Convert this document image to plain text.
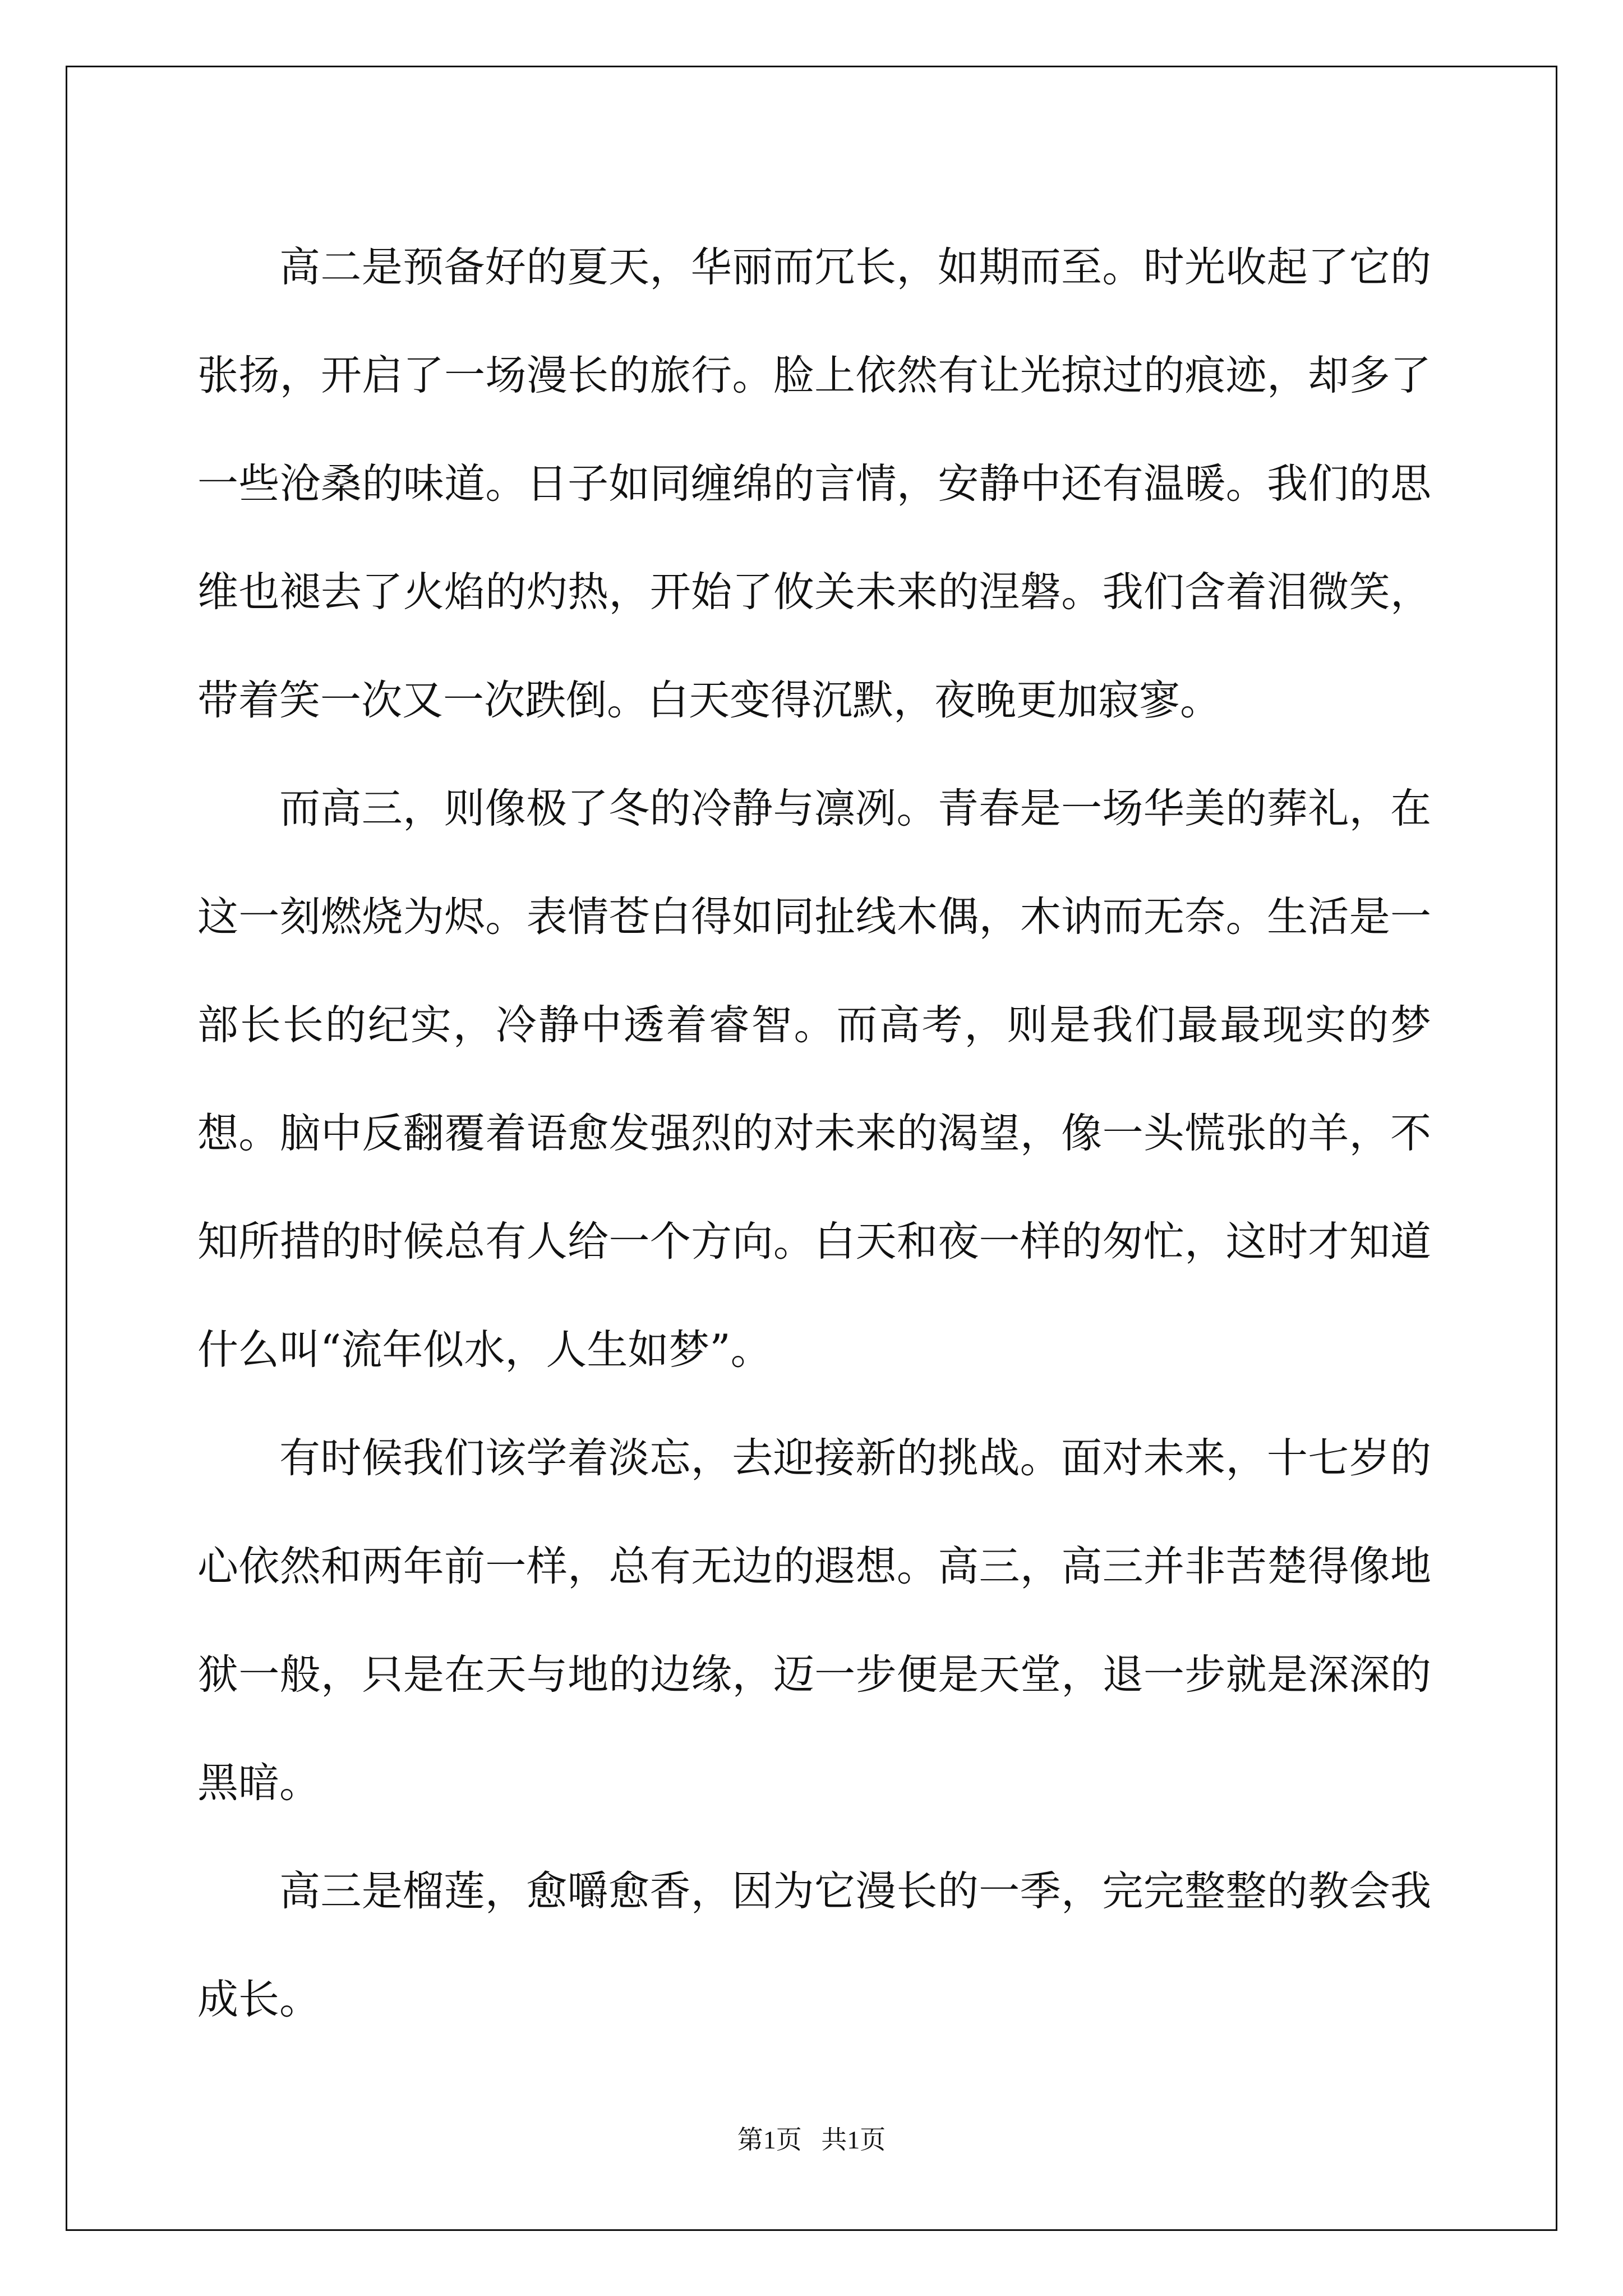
高二是预备好的夏天，华丽而冗长，如期而至。时光收起了它的张扬，开启了一场漫长的旅行。脸上依然有让光掠过的痕迹，却多了一些沧桑的味道。日子如同缠绵的言情，安静中还有温暖。我们的思维也褪去了火焰的灼热，开始了攸关未来的涅磐。我们含着泪微笑，带着笑一次又一次跌倒。白天变得沉默，夜晚更加寂寥。

而高三，则像极了冬的冷静与凛冽。青春是一场华美的葬礼，在这一刻燃烧为烬。表情苍白得如同扯线木偶，木讷而无奈。生活是一部长长的纪实，冷静中透着睿智。而高考，则是我们最最现实的梦想。脑中反翻覆着语愈发强烈的对未来的渴望，像一头慌张的羊，不知所措的时候总有人给一个方向。白天和夜一样的匆忙，这时才知道什么叫“流年似水，人生如梦”。

有时候我们该学着淡忘，去迎接新的挑战。面对未来，十七岁的心依然和两年前一样，总有无边的遐想。高三，高三并非苦楚得像地狱一般，只是在天与地的边缘，迈一步便是天堂，退一步就是深深的黑暗。

高三是榴莲，愈嚼愈香，因为它漫长的一季，完完整整的教会我成长。

第1页   共1页
